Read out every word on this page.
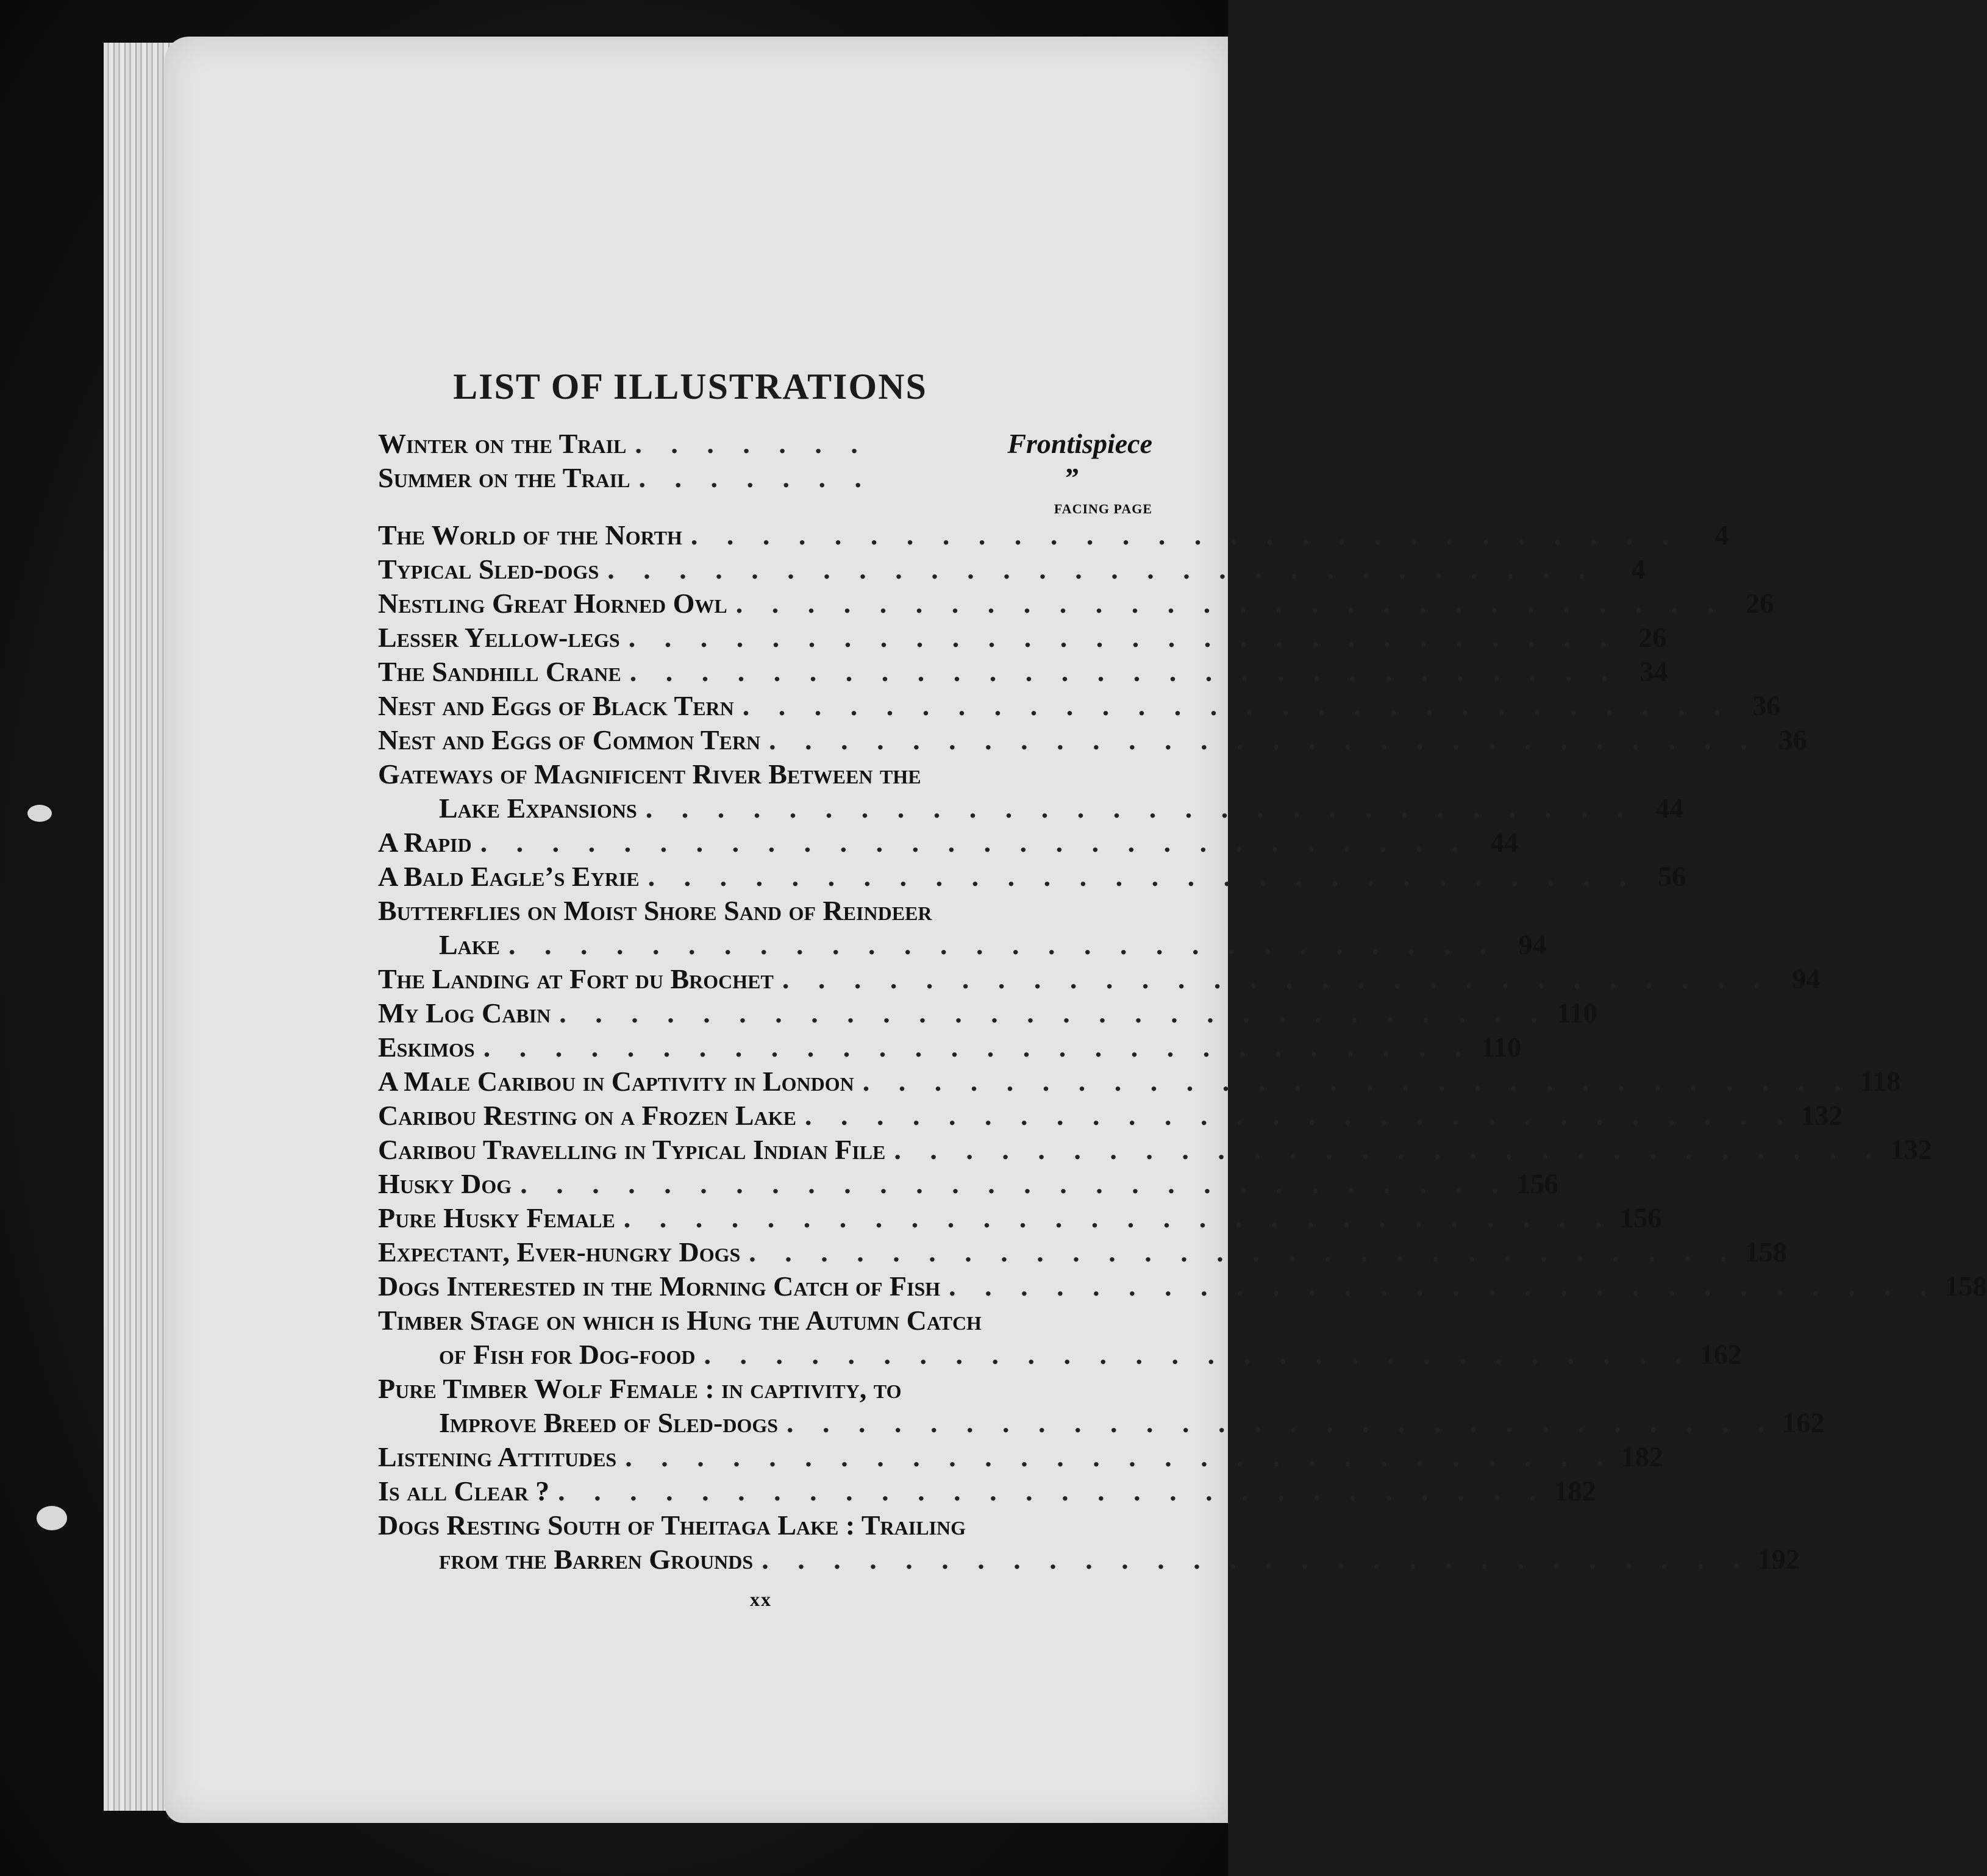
LIST OF ILLUSTRATIONS
Winter on the Trail . . . . . . .	Frontispiece
Summer on the Trail . . . . . . .	”
FACING PAGE
The World of the North . . . . . . . . . . . . . . . . . . . . . . . . . . . .	4
Typical Sled-dogs . . . . . . . . . . . . . . . . . . . . . . . . . . . .	4
Nestling Great Horned Owl . . . . . . . . . . . . . . . . . . . . . . . . . . . . 26
Lesser Yellow-legs . . . . . . . . . . . . . . . . . . . . . . . . . . . . 26
The Sandhill Crane . . . . . . . . . . . . . . . . . . . . . . . . . . . . 34
Nest and Eggs of Black Tern . . . . . . . . . . . . . . . . . . . . . . . . . . . . 36
Nest and Eggs of Common Tern . . . . . . . . . . . . . . . . . . . . . . . . . . . . 36
Gateways of Magnificent River Between the
Lake Expansions . . . . . . . . . . . . . . . . . . . . . . . . . . . . 44
A Rapid . . . . . . . . . . . . . . . . . . . . . . . . . . . . 44
A Bald Eagle’s Eyrie . . . . . . . . . . . . . . . . . . . . . . . . . . . . 56
Butterflies on Moist Shore Sand of Reindeer
Lake . . . . . . . . . . . . . . . . . . . . . . . . . . . . 94
The Landing at Fort du Brochet . . . . . . . . . . . . . . . . . . . . . . . . . . . . 94
My Log Cabin . . . . . . . . . . . . . . . . . . . . . . . . . . . . 110
Eskimos . . . . . . . . . . . . . . . . . . . . . . . . . . . . 110
A Male Caribou in Captivity in London . . . . . . . . . . . . . . . . . . . . . . . . . . . . 118
Caribou Resting on a Frozen Lake . . . . . . . . . . . . . . . . . . . . . . . . . . . . 132
Caribou Travelling in Typical Indian File . . . . . . . . . . . . . . . . . . . . . . . . . . . . 132
Husky Dog . . . . . . . . . . . . . . . . . . . . . . . . . . . . 156
Pure Husky Female . . . . . . . . . . . . . . . . . . . . . . . . . . . . 156
Expectant, Ever-hungry Dogs . . . . . . . . . . . . . . . . . . . . . . . . . . . . 158
Dogs Interested in the Morning Catch of Fish . . . . . . . . . . . . . . . . . . . . . . . . . . . . 158
Timber Stage on which is Hung the Autumn Catch
of Fish for Dog-food . . . . . . . . . . . . . . . . . . . . . . . . . . . . 162
Pure Timber Wolf Female : in captivity, to
Improve Breed of Sled-dogs . . . . . . . . . . . . . . . . . . . . . . . . . . . . 162
Listening Attitudes . . . . . . . . . . . . . . . . . . . . . . . . . . . . 182
Is all Clear ? . . . . . . . . . . . . . . . . . . . . . . . . . . . . 182
Dogs Resting South of Theitaga Lake : Trailing
from the Barren Grounds . . . . . . . . . . . . . . . . . . . . . . . . . . . . 192
xx
